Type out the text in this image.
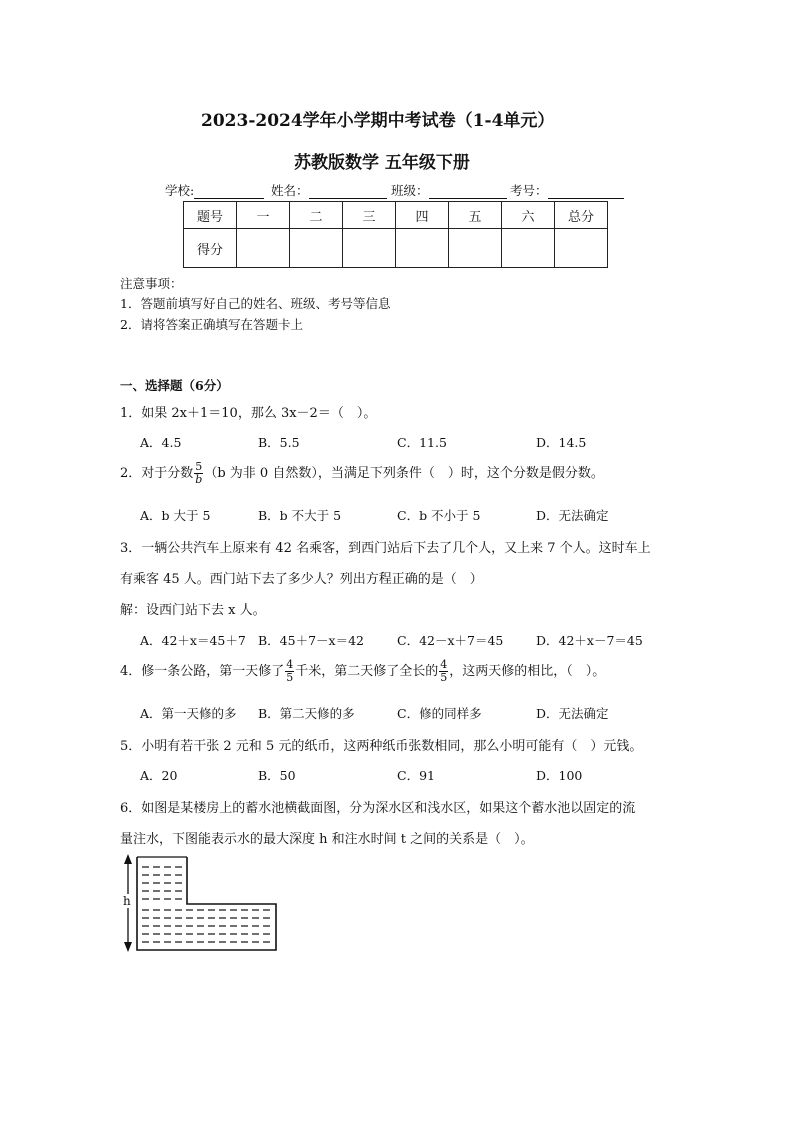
2023-2024学年小学期中考试卷（1-4单元）
苏教版数学 五年级下册
学校:	姓名：	班级：	考号：
题号	一	二	三	四	五	六	总分
得分							
注意事项：
1．答题前填写好自己的姓名、班级、考号等信息
2．请将答案正确填写在答题卡上
一、选择题（6分）
1．如果 2x＋1＝10，那么 3x－2＝（　）。
A．4.5	B．5.5	C．11.5	D．14.5
2．对于分数 $\frac{5}{b} (b$ 为非 0 自然数），当满足下列条件（　）时，这个分数是假分数。
A．b 大于 5	B．b 不大于 5	C．b 不小于 5	D．无法确定
3．一辆公共汽车上原来有 42 名乘客，到西门站后下去了几个人，又上来 7 个人。这时车上
有乘客 45 人。西门站下去了多少人？列出方程正确的是（　）
解：设西门站下去 x 人。
A．42＋x＝45＋7 B．45＋7－x＝42	C．42－x＋7＝45	D．42＋x－7＝45
4．修一条公路，第一天修了 $\frac{4}{5}$ 千米，第二天修了全长的 $\frac{4}{5}$ ，这两天修的相比，（　）。
A．第一天修的多 B．第二天修的多	C．修的同样多	D．无法确定
5．小明有若干张 2 元和 5 元的纸币，这两种纸币张数相同，那么小明可能有（　）元钱。
A．20	B．50	C．91	D．100
6．如图是某楼房上的蓄水池横截面图，分为深水区和浅水区，如果这个蓄水池以固定的流
量注水，下图能表示水的最大深度 h 和注水时间 t 之间的关系是（　）。
h
